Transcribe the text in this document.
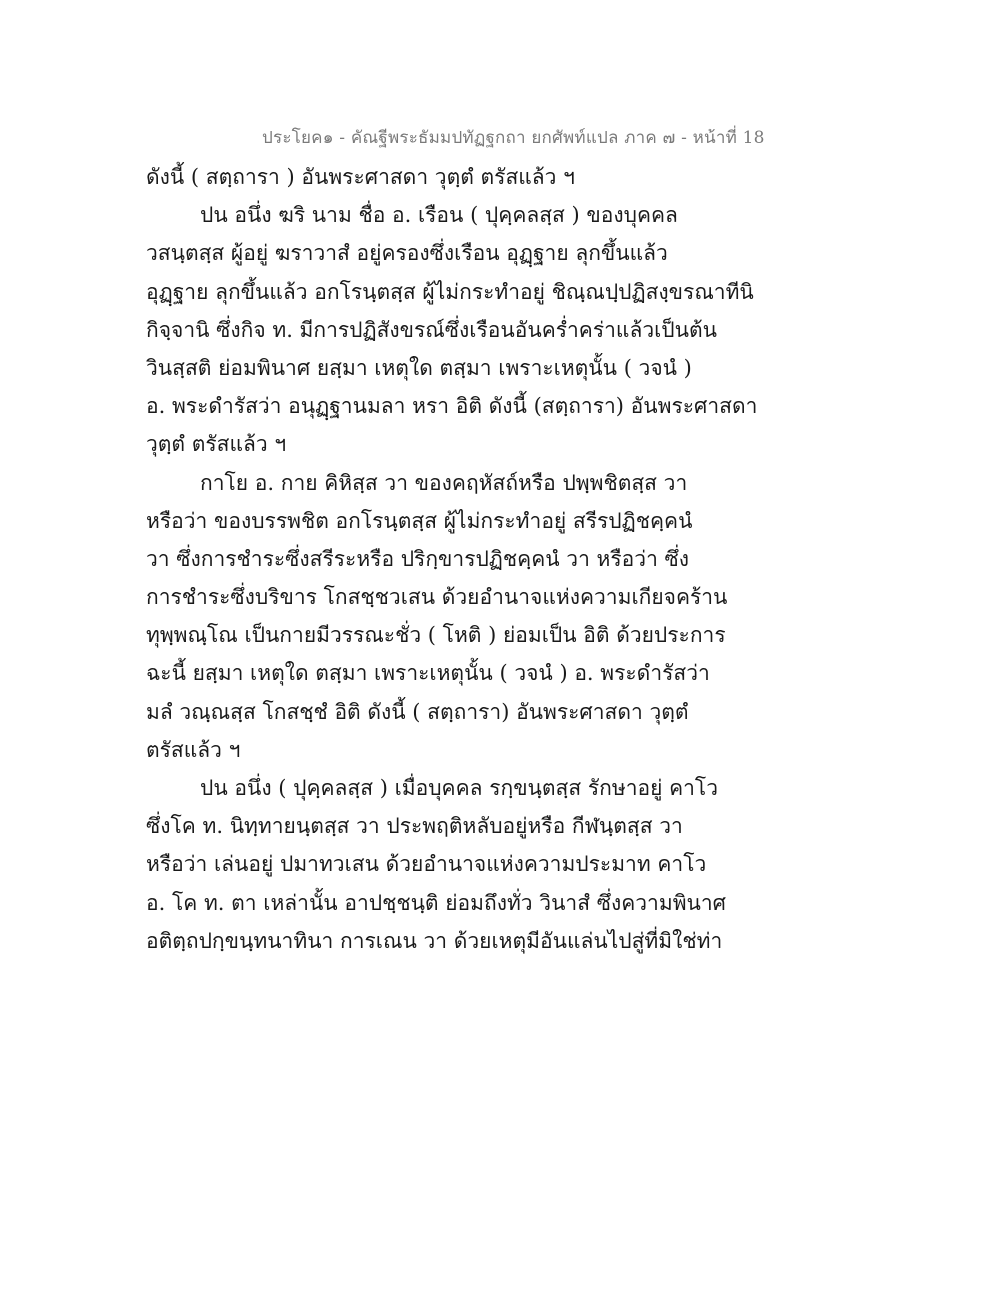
ประโยค๑ - คัณฐีพระธัมมปทัฏฐกถา ยกศัพท์แปล ภาค ๗ - หน้าที่ 18
ดังนี้ ( สตฺถารา ) อันพระศาสดา วุตฺตํ ตรัสแล้ว ฯ
ปน อนึ่ง ฆริ นาม ชื่อ อ. เรือน ( ปุคฺคลสฺส ) ของบุคคล
วสนฺตสฺส ผู้อยู่ ฆราวาสํ อยู่ครองซึ่งเรือน อุฏฺฐาย ลุกขึ้นแล้ว
อุฏฺฐาย ลุกขึ้นแล้ว อกโรนฺตสฺส ผู้ไม่กระทำอยู่ ชิณฺณปฺปฏิสงฺขรณาทีนิ
กิจฺจานิ ซึ่งกิจ ท. มีการปฏิสังขรณ์ซึ่งเรือนอันคร่ำคร่าแล้วเป็นต้น
วินสฺสติ ย่อมพินาศ ยสฺมา เหตุใด ตสฺมา เพราะเหตุนั้น ( วจนํ )
อ. พระดำรัสว่า อนุฏฺฐานมลา หรา อิติ ดังนี้ (สตฺถารา) อันพระศาสดา
วุตฺตํ ตรัสแล้ว ฯ
กาโย อ. กาย คิหิสฺส วา ของคฤหัสถ์หรือ ปพฺพชิตสฺส วา
หรือว่า ของบรรพชิต อกโรนฺตสฺส ผู้ไม่กระทำอยู่ สรีรปฏิชคฺคนํ
วา ซึ่งการชำระซึ่งสรีระหรือ ปริกฺขารปฏิชคฺคนํ วา หรือว่า ซึ่ง
การชำระซึ่งบริขาร โกสชฺชวเสน ด้วยอำนาจแห่งความเกียจคร้าน
ทุพฺพณฺโณ เป็นกายมีวรรณะชั่ว ( โหติ ) ย่อมเป็น อิติ ด้วยประการ
ฉะนี้ ยสฺมา เหตุใด ตสฺมา เพราะเหตุนั้น ( วจนํ ) อ. พระดำรัสว่า
มลํ วณฺณสฺส โกสชฺชํ อิติ ดังนี้ ( สตฺถารา) อันพระศาสดา วุตฺตํ
ตรัสแล้ว ฯ
ปน อนึ่ง ( ปุคฺคลสฺส ) เมื่อบุคคล รกฺขนฺตสฺส รักษาอยู่ คาโว
ซึ่งโค ท. นิทฺทายนฺตสฺส วา ประพฤติหลับอยู่หรือ กีฬนฺตสฺส วา
หรือว่า เล่นอยู่ ปมาทวเสน ด้วยอำนาจแห่งความประมาท คาโว
อ. โค ท. ตา เหล่านั้น อาปชฺชนฺติ ย่อมถึงทั่ว วินาสํ ซึ่งความพินาศ
อติตฺถปกฺขนฺทนาทินา การเณน วา ด้วยเหตุมีอันแล่นไปสู่ที่มิใช่ท่า
